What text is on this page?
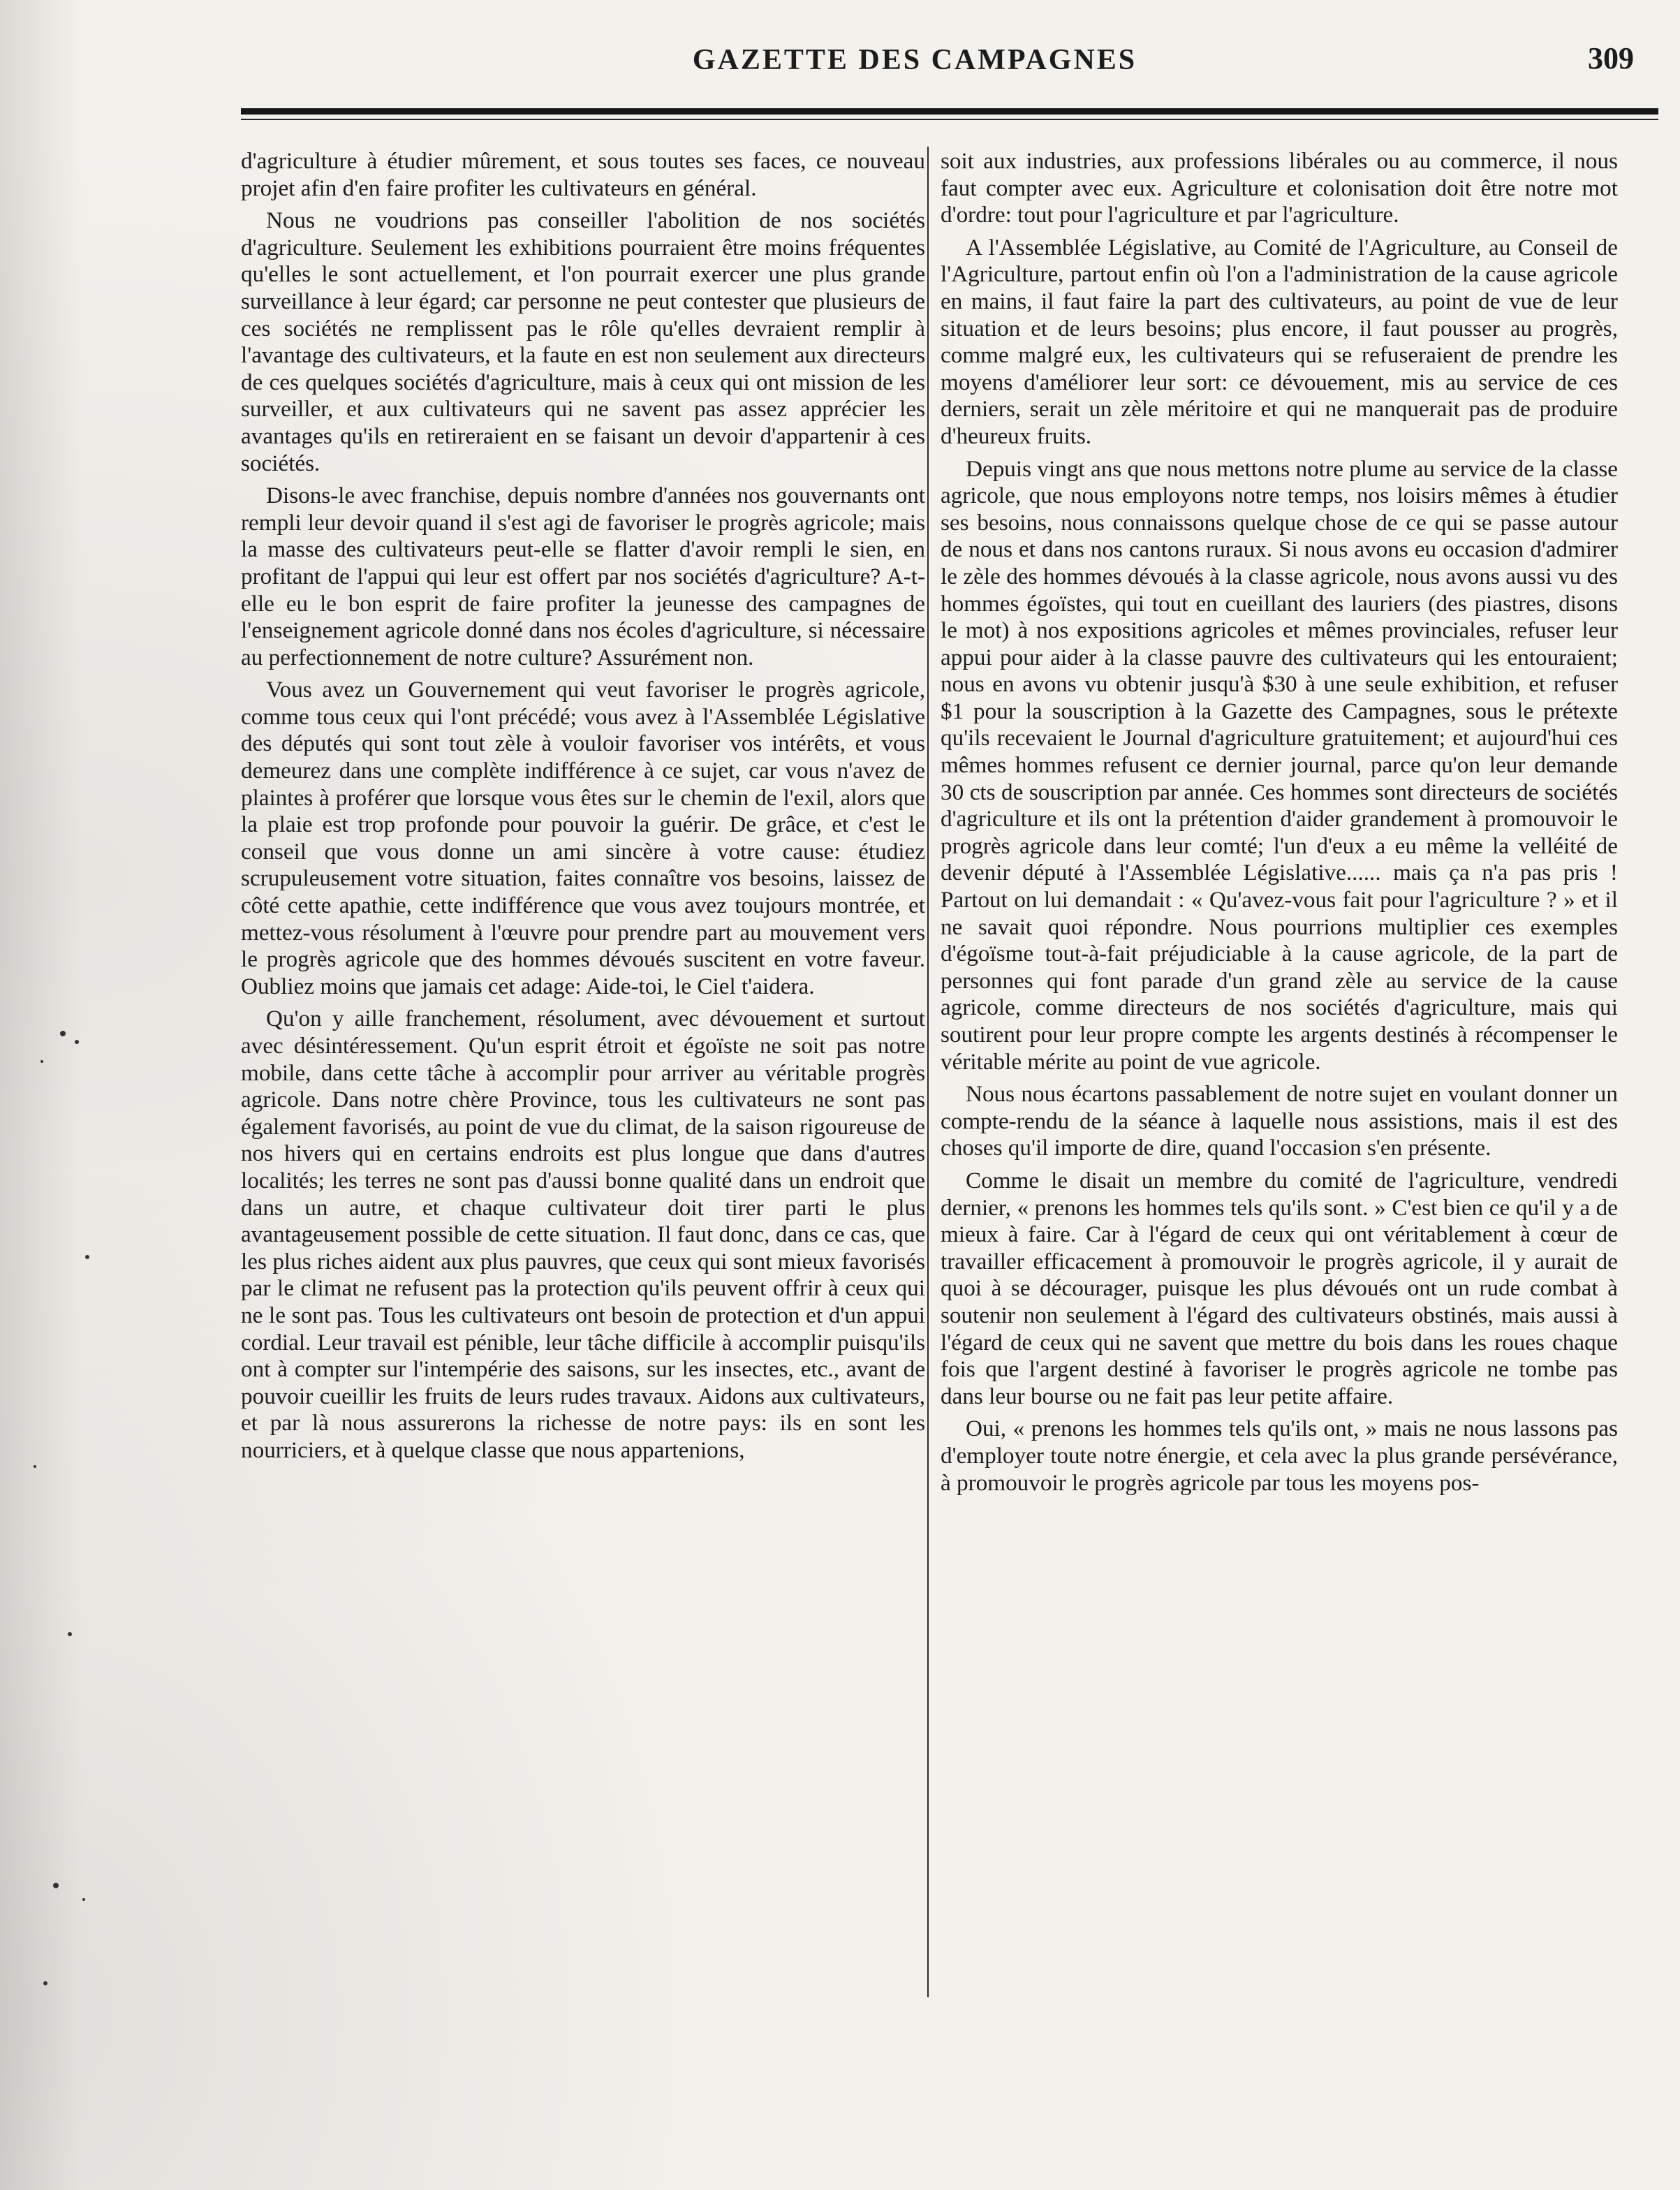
GAZETTE DES CAMPAGNES	309

d'agriculture à étudier mûrement, et sous toutes ses faces, ce nouveau projet afin d'en faire profiter les cultivateurs en général.

Nous ne voudrions pas conseiller l'abolition de nos sociétés d'agriculture. Seulement les exhibitions pourraient être moins fréquentes qu'elles le sont actuellement, et l'on pourrait exercer une plus grande surveillance à leur égard; car personne ne peut contester que plusieurs de ces sociétés ne remplissent pas le rôle qu'elles devraient remplir à l'avantage des cultivateurs, et la faute en est non seulement aux directeurs de ces quelques sociétés d'agriculture, mais à ceux qui ont mission de les surveiller, et aux cultivateurs qui ne savent pas assez apprécier les avantages qu'ils en retireraient en se faisant un devoir d'appartenir à ces sociétés.

Disons-le avec franchise, depuis nombre d'années nos gouvernants ont rempli leur devoir quand il s'est agi de favoriser le progrès agricole; mais la masse des cultivateurs peut-elle se flatter d'avoir rempli le sien, en profitant de l'appui qui leur est offert par nos sociétés d'agriculture? A-t-elle eu le bon esprit de faire profiter la jeunesse des campagnes de l'enseignement agricole donné dans nos écoles d'agriculture, si nécessaire au perfectionnement de notre culture? Assurément non.

Vous avez un Gouvernement qui veut favoriser le progrès agricole, comme tous ceux qui l'ont précédé; vous avez à l'Assemblée Législative des députés qui sont tout zèle à vouloir favoriser vos intérêts, et vous demeurez dans une complète indifférence à ce sujet, car vous n'avez de plaintes à proférer que lorsque vous êtes sur le chemin de l'exil, alors que la plaie est trop profonde pour pouvoir la guérir. De grâce, et c'est le conseil que vous donne un ami sincère à votre cause: étudiez scrupuleusement votre situation, faites connaître vos besoins, laissez de côté cette apathie, cette indifférence que vous avez toujours montrée, et mettez-vous résolument à l'œuvre pour prendre part au mouvement vers le progrès agricole que des hommes dévoués suscitent en votre faveur. Oubliez moins que jamais cet adage: Aide-toi, le Ciel t'aidera.

Qu'on y aille franchement, résolument, avec dévouement et surtout avec désintéressement. Qu'un esprit étroit et égoïste ne soit pas notre mobile, dans cette tâche à accomplir pour arriver au véritable progrès agricole. Dans notre chère Province, tous les cultivateurs ne sont pas également favorisés, au point de vue du climat, de la saison rigoureuse de nos hivers qui en certains endroits est plus longue que dans d'autres localités; les terres ne sont pas d'aussi bonne qualité dans un endroit que dans un autre, et chaque cultivateur doit tirer parti le plus avantageusement possible de cette situation. Il faut donc, dans ce cas, que les plus riches aident aux plus pauvres, que ceux qui sont mieux favorisés par le climat ne refusent pas la protection qu'ils peuvent offrir à ceux qui ne le sont pas. Tous les cultivateurs ont besoin de protection et d'un appui cordial. Leur travail est pénible, leur tâche difficile à accomplir puisqu'ils ont à compter sur l'intempérie des saisons, sur les insectes, etc., avant de pouvoir cueillir les fruits de leurs rudes travaux. Aidons aux cultivateurs, et par là nous assurerons la richesse de notre pays: ils en sont les nourriciers, et à quelque classe que nous appartenions,

soit aux industries, aux professions libérales ou au commerce, il nous faut compter avec eux. Agriculture et colonisation doit être notre mot d'ordre: tout pour l'agriculture et par l'agriculture.

A l'Assemblée Législative, au Comité de l'Agriculture, au Conseil de l'Agriculture, partout enfin où l'on a l'administration de la cause agricole en mains, il faut faire la part des cultivateurs, au point de vue de leur situation et de leurs besoins; plus encore, il faut pousser au progrès, comme malgré eux, les cultivateurs qui se refuseraient de prendre les moyens d'améliorer leur sort: ce dévouement, mis au service de ces derniers, serait un zèle méritoire et qui ne manquerait pas de produire d'heureux fruits.

Depuis vingt ans que nous mettons notre plume au service de la classe agricole, que nous employons notre temps, nos loisirs mêmes à étudier ses besoins, nous connaissons quelque chose de ce qui se passe autour de nous et dans nos cantons ruraux. Si nous avons eu occasion d'admirer le zèle des hommes dévoués à la classe agricole, nous avons aussi vu des hommes égoïstes, qui tout en cueillant des lauriers (des piastres, disons le mot) à nos expositions agricoles et mêmes provinciales, refuser leur appui pour aider à la classe pauvre des cultivateurs qui les entouraient; nous en avons vu obtenir jusqu'à $30 à une seule exhibition, et refuser $1 pour la souscription à la Gazette des Campagnes, sous le prétexte qu'ils recevaient le Journal d'agriculture gratuitement; et aujourd'hui ces mêmes hommes refusent ce dernier journal, parce qu'on leur demande 30 cts de souscription par année. Ces hommes sont directeurs de sociétés d'agriculture et ils ont la prétention d'aider grandement à promouvoir le progrès agricole dans leur comté; l'un d'eux a eu même la velléité de devenir député à l'Assemblée Législative...... mais ça n'a pas pris ! Partout on lui demandait : « Qu'avez-vous fait pour l'agriculture ? » et il ne savait quoi répondre. Nous pourrions multiplier ces exemples d'égoïsme tout-à-fait préjudiciable à la cause agricole, de la part de personnes qui font parade d'un grand zèle au service de la cause agricole, comme directeurs de nos sociétés d'agriculture, mais qui soutirent pour leur propre compte les argents destinés à récompenser le véritable mérite au point de vue agricole.

Nous nous écartons passablement de notre sujet en voulant donner un compte-rendu de la séance à laquelle nous assistions, mais il est des choses qu'il importe de dire, quand l'occasion s'en présente.

Comme le disait un membre du comité de l'agriculture, vendredi dernier, « prenons les hommes tels qu'ils sont. » C'est bien ce qu'il y a de mieux à faire. Car à l'égard de ceux qui ont véritablement à cœur de travailler efficacement à promouvoir le progrès agricole, il y aurait de quoi à se décourager, puisque les plus dévoués ont un rude combat à soutenir non seulement à l'égard des cultivateurs obstinés, mais aussi à l'égard de ceux qui ne savent que mettre du bois dans les roues chaque fois que l'argent destiné à favoriser le progrès agricole ne tombe pas dans leur bourse ou ne fait pas leur petite affaire.

Oui, « prenons les hommes tels qu'ils ont, » mais ne nous lassons pas d'employer toute notre énergie, et cela avec la plus grande persévérance, à promouvoir le progrès agricole par tous les moyens pos-
